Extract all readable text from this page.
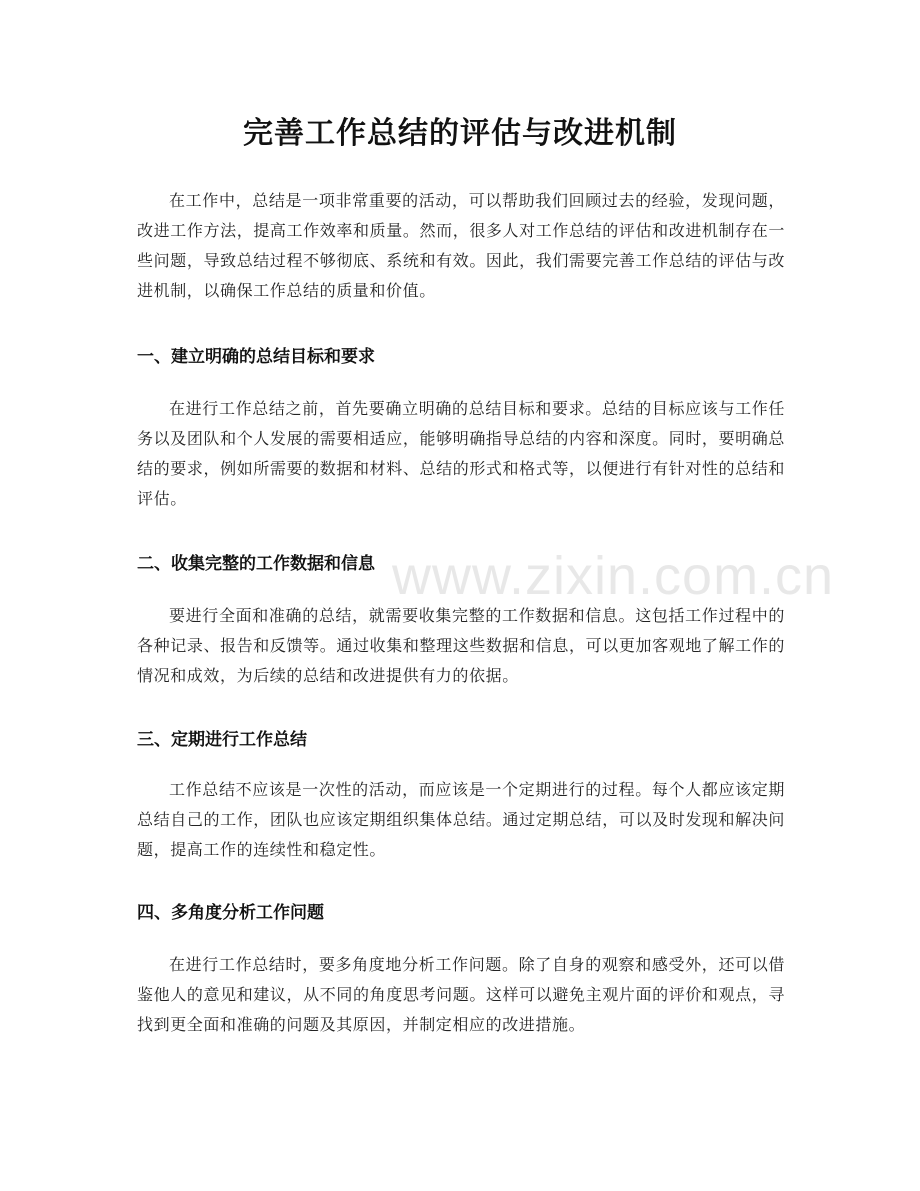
完善工作总结的评估与改进机制

在工作中，总结是一项非常重要的活动，可以帮助我们回顾过去的经验，发现问题，改进工作方法，提高工作效率和质量。然而，很多人对工作总结的评估和改进机制存在一些问题，导致总结过程不够彻底、系统和有效。因此，我们需要完善工作总结的评估与改进机制，以确保工作总结的质量和价值。

一、建立明确的总结目标和要求

在进行工作总结之前，首先要确立明确的总结目标和要求。总结的目标应该与工作任务以及团队和个人发展的需要相适应，能够明确指导总结的内容和深度。同时，要明确总结的要求，例如所需要的数据和材料、总结的形式和格式等，以便进行有针对性的总结和评估。

二、收集完整的工作数据和信息

要进行全面和准确的总结，就需要收集完整的工作数据和信息。这包括工作过程中的各种记录、报告和反馈等。通过收集和整理这些数据和信息，可以更加客观地了解工作的情况和成效，为后续的总结和改进提供有力的依据。

三、定期进行工作总结

工作总结不应该是一次性的活动，而应该是一个定期进行的过程。每个人都应该定期总结自己的工作，团队也应该定期组织集体总结。通过定期总结，可以及时发现和解决问题，提高工作的连续性和稳定性。

四、多角度分析工作问题

在进行工作总结时，要多角度地分析工作问题。除了自身的观察和感受外，还可以借鉴他人的意见和建议，从不同的角度思考问题。这样可以避免主观片面的评价和观点，寻找到更全面和准确的问题及其原因，并制定相应的改进措施。

www.zixin.com.cn
